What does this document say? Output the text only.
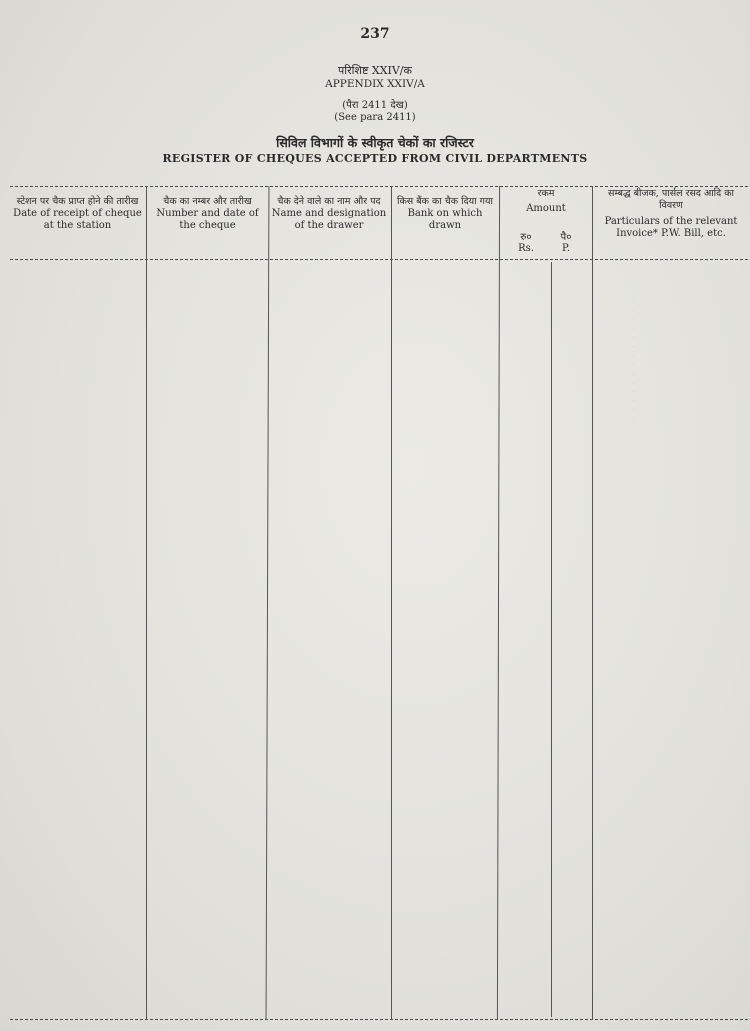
· · · · · · · · · · · · · ·
237
परिशिष्ट XXIV/क
APPENDIX XXIV/A
(पैरा 2411 देख)
(See para 2411)
सिविल विभागों के स्वीकृत चेकों का रजिस्टर
REGISTER OF CHEQUES ACCEPTED FROM CIVIL DEPARTMENTS
स्टेशन पर चैक प्राप्त होने की तारीख
Date of receipt of cheque at the station
चैक का नम्बर और तारीख
Number and date of the cheque
चैक देने वाले का नाम और पद
Name and designation of the drawer
किस बैंक का चैक दिया गया
Bank on which drawn
रकम
Amount
रु०
Rs.
पै०
P.
सम्बद्ध बीजक, पार्सल रसद आदि का विवरण
Particulars of the relevant Invoice* P.W. Bill, etc.
